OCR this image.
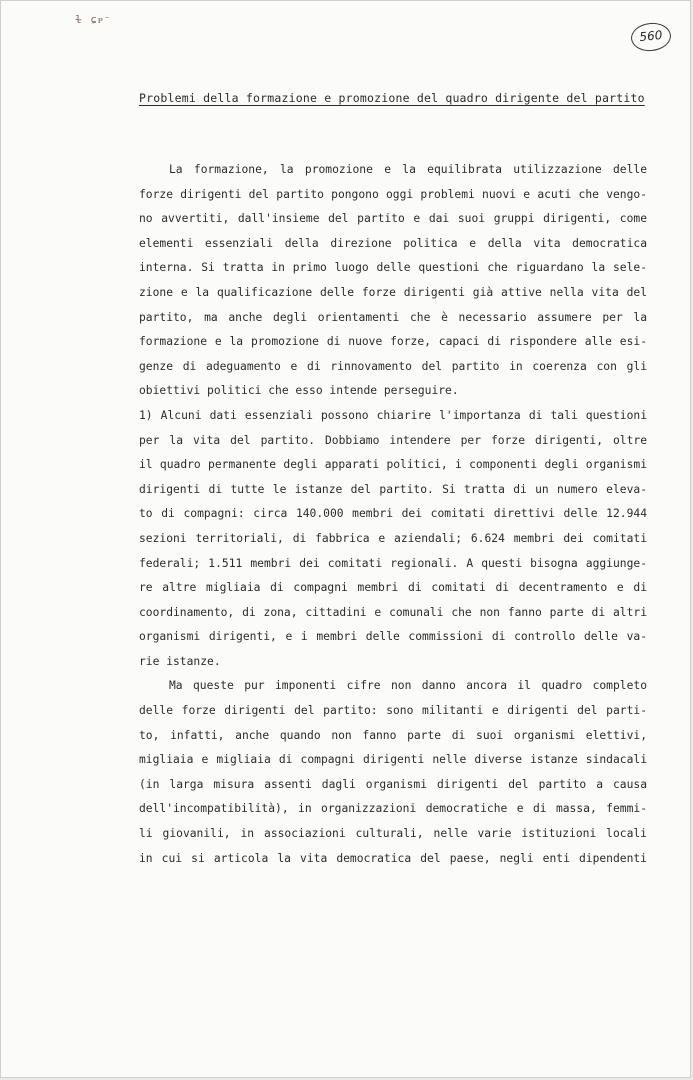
ɫ ɕᴘ⁻
560
Problemi della formazione e promozione del quadro dirigente del partito
La formazione, la promozione e la equilibrata utilizzazione delle
forze dirigenti del partito pongono oggi problemi nuovi e acuti che vengo-
no avvertiti, dall'insieme del partito e dai suoi gruppi dirigenti, come
elementi essenziali della direzione politica e della vita democratica
interna. Si tratta in primo luogo delle questioni che riguardano la sele-
zione e la qualificazione delle forze dirigenti già attive nella vita del
partito, ma anche degli orientamenti che è necessario assumere per la
formazione e la promozione di nuove forze, capaci di rispondere alle esi-
genze di adeguamento e di rinnovamento del partito in coerenza con gli
obiettivi politici che esso intende perseguire.
1) Alcuni dati essenziali possono chiarire l'importanza di tali questioni
per la vita del partito. Dobbiamo intendere per forze dirigenti, oltre
il quadro permanente degli apparati politici, i componenti degli organismi
dirigenti di tutte le istanze del partito. Si tratta di un numero eleva-
to di compagni: circa 140.000 membri dei comitati direttivi delle 12.944
sezioni territoriali, di fabbrica e aziendali; 6.624 membri dei comitati
federali; 1.511 membri dei comitati regionali. A questi bisogna aggiunge-
re altre migliaia di compagni membri di comitati di decentramento e di
coordinamento, di zona, cittadini e comunali che non fanno parte di altri
organismi dirigenti, e i membri delle commissioni di controllo delle va-
rie istanze.
Ma queste pur imponenti cifre non danno ancora il quadro completo
delle forze dirigenti del partito: sono militanti e dirigenti del parti-
to, infatti, anche quando non fanno parte di suoi organismi elettivi,
migliaia e migliaia di compagni dirigenti nelle diverse istanze sindacali
(in larga misura assenti dagli organismi dirigenti del partito a causa
dell'incompatibilità), in organizzazioni democratiche e di massa, femmi-
li giovanili, in associazioni culturali, nelle varie istituzioni locali
in cui si articola la vita democratica del paese, negli enti dipendenti
